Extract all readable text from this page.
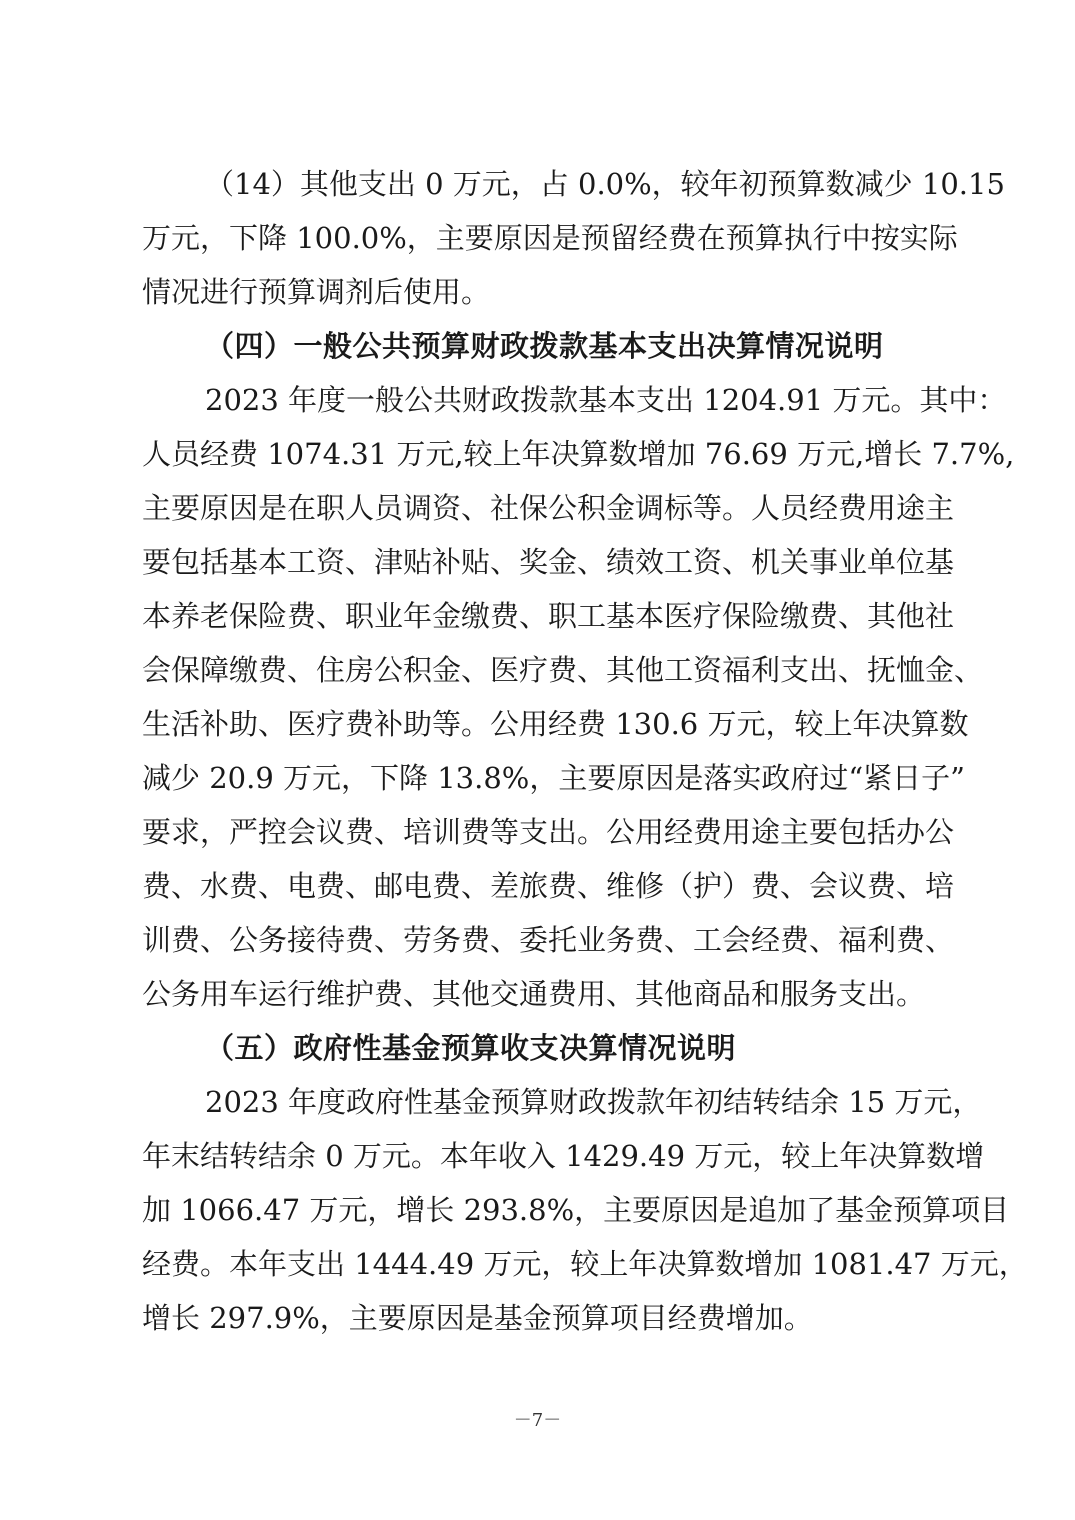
（14）其他支出 0 万元，占 0.0%，较年初预算数减少 10.15
万元，下降 100.0%，主要原因是预留经费在预算执行中按实际
情况进行预算调剂后使用。
（四）一般公共预算财政拨款基本支出决算情况说明
2023 年度一般公共财政拨款基本支出 1204.91 万元。其中：
人员经费 1074.31 万元,较上年决算数增加 76.69 万元,增长 7.7%,
主要原因是在职人员调资、社保公积金调标等。人员经费用途主
要包括基本工资、津贴补贴、奖金、绩效工资、机关事业单位基
本养老保险费、职业年金缴费、职工基本医疗保险缴费、其他社
会保障缴费、住房公积金、医疗费、其他工资福利支出、抚恤金、
生活补助、医疗费补助等。公用经费 130.6 万元，较上年决算数
减少 20.9 万元，下降 13.8%，主要原因是落实政府过“紧日子”
要求，严控会议费、培训费等支出。公用经费用途主要包括办公
费、水费、电费、邮电费、差旅费、维修（护）费、会议费、培
训费、公务接待费、劳务费、委托业务费、工会经费、福利费、
公务用车运行维护费、其他交通费用、其他商品和服务支出。
（五）政府性基金预算收支决算情况说明
2023 年度政府性基金预算财政拨款年初结转结余 15 万元，
年末结转结余 0 万元。本年收入 1429.49 万元，较上年决算数增
加 1066.47 万元，增长 293.8%，主要原因是追加了基金预算项目
经费。本年支出 1444.49 万元，较上年决算数增加 1081.47 万元，
增长 297.9%，主要原因是基金预算项目经费增加。
－7－
